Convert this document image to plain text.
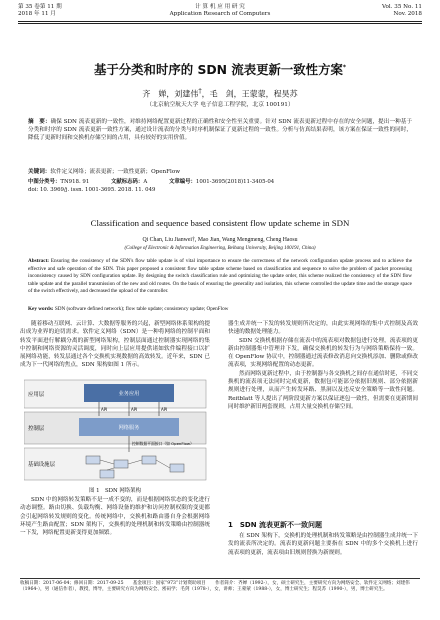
第 35 卷第 11 期
2018 年 11 月
计 算 机 应 用 研 究
Application Research of Computers
Vol. 35 No. 11
Nov. 2018
基于分类和时序的 SDN 流表更新一致性方案*
齐　婵，刘建伟†，毛　剑，王蒙蒙，程昊苏
（北京航空航天大学 电子信息工程学院，北京 100191）
摘　要：确保 SDN 流表更新的一致性，对维持网络配置更新过程的正确性和安全性至关重要。针对 SDN 流表更新过程中存在的安全问题，提出一种基于分类和时序的 SDN 流表更新一致性方案，通过设计流表的分类与时序机制保证了更新过程的一致性。分析与仿真结果表明，该方案在保证一致性的同时，降低了更新时间和交换机存储空间的占用，具有较好的实用价值。
关键词：软件定义网络；流表更新；一致性更新；OpenFlow
中图分类号：TN918. 91	文献标志码：A	文章编号：1001-3695(2018)11-3405-04
doi: 10. 3969/j. issn. 1001-3695. 2018. 11. 049
Classification and sequence based consistent flow update scheme in SDN
Qi Chan, Liu Jianwei†, Mao Jian, Wang Mengmeng, Cheng Haosu
(College of Electronic & Information Engineering, Beihang University, Beijing 100191, China)
Abstract: Ensuring the consistency of the SDN's flow table update is of vital importance to ensure the correctness of the network configuration update process and to achieve the effective and safe operation of the SDN. This paper proposed a consistent flow table update scheme based on classification and sequence to solve the problem of packet processing inconsistency caused by SDN configuration update. By designing the switch classification rule and optimizing the update order, this scheme realized the consistency of the SDN flow table update and the parallel transmission of the new and old routes. On the basis of ensuring the generality and isolation, this scheme controlled the update time and the storage space of the switch effectively, and decreased the upload of the controller.
Key words: SDN (software defined network); flow table update; consistency update; OpenFlow

随着移动互联网、云计算、大数据等服务的兴起，新型网络体系架构的提出成为业界的迫切需求。软件定义网络（SDN）是一种将网络的控制平面和转发平面进行解耦分离的新型网络架构，控制层面通过控制器实现网络的集中控制和网络资源的灵活调度，同时向上层应用提供诸如软件编程接口以扩展网络功能，转发层通过各个交换机实现数据的高效转发。近年来，SDN 已成为下一代网络的焦点，SDN 架构如图 1 所示。

应用层
控制层
基础设施层
业务应用
API	API	API
网络服务
控制数据平面接口（如 OpenFlow）
图 1　SDN 网络架构

SDN 中的网络转发策略不是一成不变的，而是根据网络状态的变化进行动态调整。路由切换、负载均衡、网络设备的维护和访问控制权限的变更都会引起网络转发规则的变化。传统网络中，交换机和路由器自身会根据网络环境产生路由配置；SDN 架构下，交换机的处理机制和转发策略由控制器统一下发，网络配置更新变得更加频繁。

器生成并统一下发的转发规则所决定的，由此实现网络的集中式控制及高效快速的数据处理能力。

SDN 交换机根据存储在流表中的流表项对数据包进行处理，流表项的更新由控制器集中管理并下发，确保交换机的转发行为与网络策略保持一致。在 OpenFlow 协议中，控制器通过流表修改消息向交换机添加、删除或修改流表项，实现网络配置的动态更新。

然而网络更新过程中，由于控制器与各交换机之间存在通信时延，不同交换机的流表项无法同时完成更新，数据包可能部分依据旧规则、部分依据新规则进行处理，从而产生转发环路、黑洞以及违反安全策略等一致性问题。Reitblatt 等人提出了两阶段更新方案以保证逐包一致性，但需要在更新期间同时维护新旧两套规则，占用大量交换机存储空间。

1　SDN 流表更新不一致问题

在 SDN 架构下，交换机的处理机制和转发策略是由控制器生成并统一下发的流表所决定的。流表的更新问题主要指在 SDN 中的多个交换机上进行流表项的更新，流表项由旧规则替换为新规则。

收稿日期：2017-06-04；修回日期：2017-09-25　　基金项目：国家“973”计划资助项目　　作者简介：齐婵（1992-），女，硕士研究生，主要研究方向为网络安全、软件定义网络；刘建伟（1964-），男（通信作者），教授，博导，主要研究方向为网络安全、密码学；毛剑（1978-），女，讲师；王蒙蒙（1988-），女，博士研究生；程昊苏（1990-），男，博士研究生。
